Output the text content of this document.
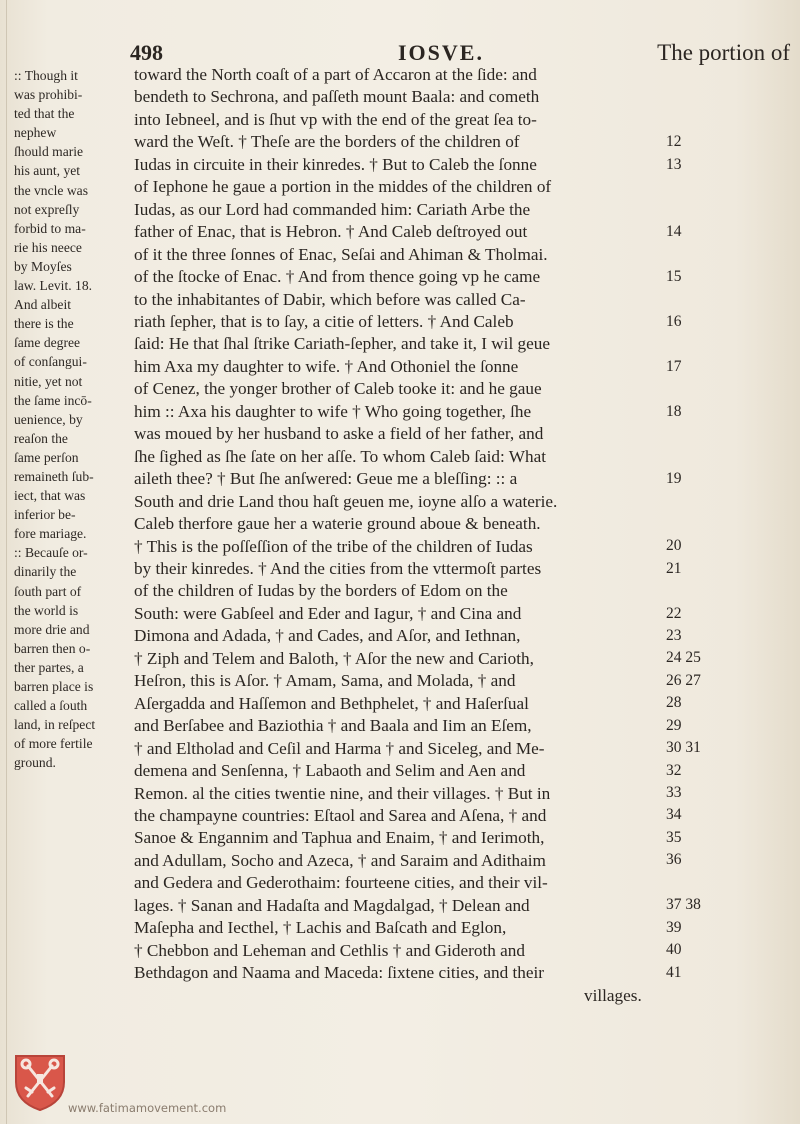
498	IOSVE.	The portion of
:: Though it
was prohibi-
ted that the
nephew
ſhould marie
his aunt, yet
the vncle was
not expreſly
forbid to ma-
rie his neece
by Moyſes
law. Levit. 18.
And albeit
there is the
ſame degree
of conſangui-
nitie, yet not
the ſame incō-
uenience, by
reaſon the
ſame perſon
remaineth ſub-
iect, that was
inferior be-
fore mariage.
:: Becauſe or-
dinarily the
ſouth part of
the world is
more drie and
barren then o-
ther partes, a
barren place is
called a ſouth
land, in reſpect
of more fertile
ground.
toward the North coaſt of a part of Accaron at the ſide: and
bendeth to Sechrona, and paſſeth mount Baala: and cometh
into Iebneel, and is ſhut vp with the end of the great ſea to-
ward the Weſt. † Theſe are the borders of the children of
Iudas in circuite in their kinredes. † But to Caleb the ſonne
of Iephone he gaue a portion in the middes of the children of
Iudas, as our Lord had commanded him: Cariath Arbe the
father of Enac, that is Hebron. † And Caleb deſtroyed out
of it the three ſonnes of Enac, Seſai and Ahiman & Tholmai.
of the ſtocke of Enac. † And from thence going vp he came
to the inhabitantes of Dabir, which before was called Ca-
riath ſepher, that is to ſay, a citie of letters. † And Caleb
ſaid: He that ſhal ſtrike Cariath-ſepher, and take it, I wil geue
him Axa my daughter to wife. † And Othoniel the ſonne
of Cenez, the yonger brother of Caleb tooke it: and he gaue
him :: Axa his daughter to wife † Who going together, ſhe
was moued by her husband to aske a field of her father, and
ſhe ſighed as ſhe ſate on her aſſe. To whom Caleb ſaid: What
aileth thee? † But ſhe anſwered: Geue me a bleſſing: :: a
South and drie Land thou haſt geuen me, ioyne alſo a waterie.
Caleb therfore gaue her a waterie ground aboue & beneath.
† This is the poſſeſſion of the tribe of the children of Iudas
by their kinredes. † And the cities from the vttermoſt partes
of the children of Iudas by the borders of Edom on the
South: were Gabſeel and Eder and Iagur, † and Cina and
Dimona and Adada, † and Cades, and Aſor, and Iethnan,
† Ziph and Telem and Baloth, † Aſor the new and Carioth,
Heſron, this is Aſor. † Amam, Sama, and Molada, † and
Aſergadda and Haſſemon and Bethphelet, † and Haſerſual
and Berſabee and Baziothia † and Baala and Iim an Eſem,
† and Eltholad and Ceſil and Harma † and Siceleg, and Me-
demena and Senſenna, † Labaoth and Selim and Aen and
Remon. al the cities twentie nine, and their villages. † But in
the champayne countries: Eſtaol and Sarea and Aſena, † and
Sanoe & Engannim and Taphua and Enaim, † and Ierimoth,
and Adullam, Socho and Azeca, † and Saraim and Adithaim
and Gedera and Gederothaim: fourteene cities, and their vil-
lages. † Sanan and Hadaſta and Magdalgad, † Delean and
Maſepha and Iecthel, † Lachis and Baſcath and Eglon,
† Chebbon and Leheman and Cethlis † and Gideroth and
Bethdagon and Naama and Maceda: ſixtene cities, and their
villages.
12
13
14
15
16
17
18
19
20
21
22
23
24 25
26 27
28
29
30 31
32
33
34
35
36
37 38
39
40
41
www.fatimamovement.com
